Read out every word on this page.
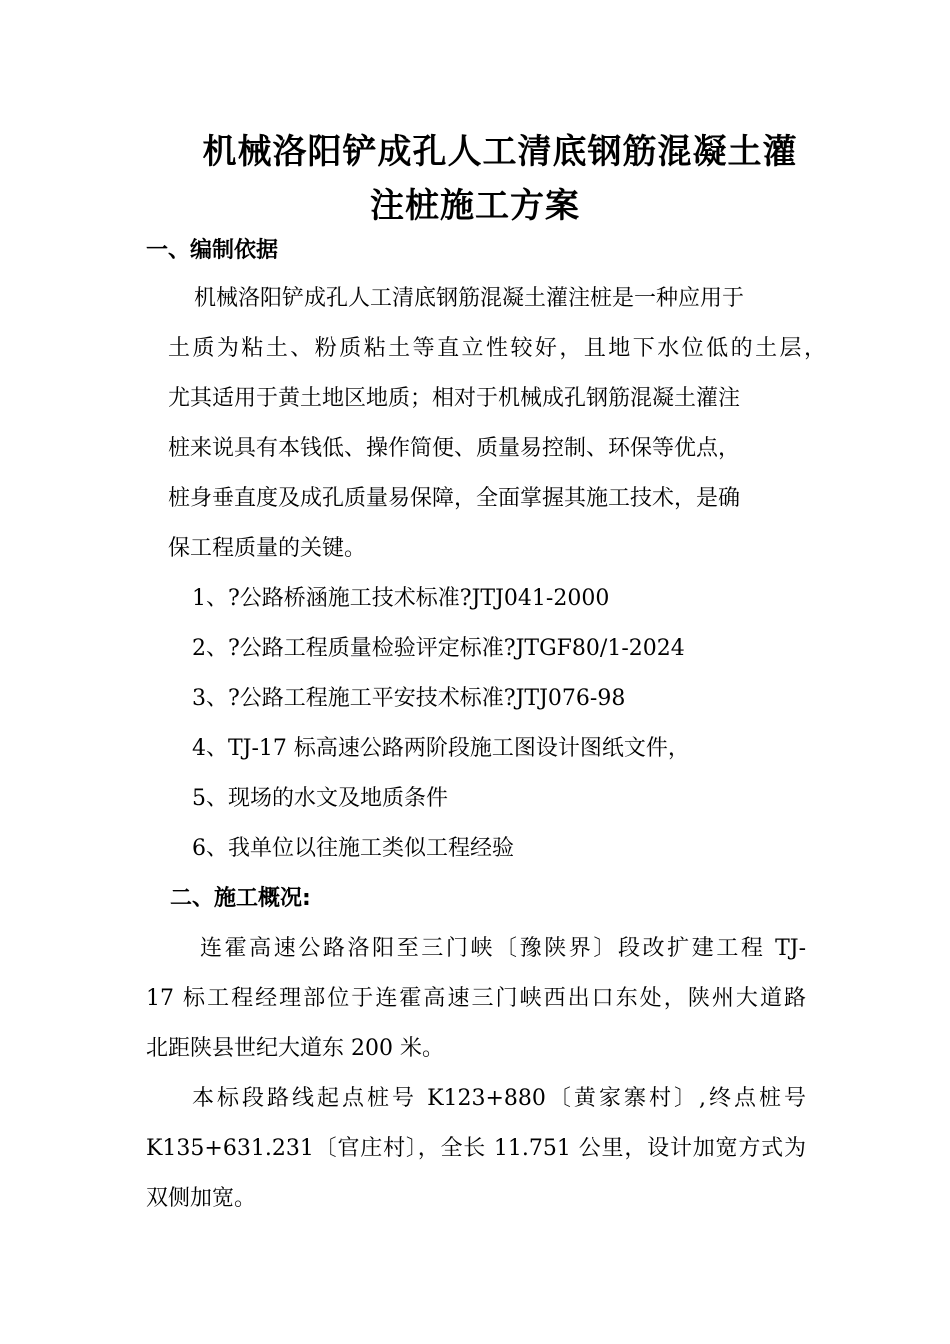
机械洛阳铲成孔人工清底钢筋混凝土灌
注桩施工方案
一、编制依据
机械洛阳铲成孔人工清底钢筋混凝土灌注桩是一种应用于
土质为粘土、粉质粘土等直立性较好，且地下水位低的土层，
尤其适用于黄土地区地质；相对于机械成孔钢筋混凝土灌注
桩来说具有本钱低、操作简便、质量易控制、环保等优点，
桩身垂直度及成孔质量易保障，全面掌握其施工技术，是确
保工程质量的关键。
1、?公路桥涵施工技术标准?JTJ041-2000
2、?公路工程质量检验评定标准?JTGF80/1-2024
3、?公路工程施工平安技术标准?JTJ076-98
4、TJ-17 标高速公路两阶段施工图设计图纸文件，
5、现场的水文及地质条件
6、我单位以往施工类似工程经验
二、施工概况:
连霍高速公路洛阳至三门峡〔豫陕界〕段改扩建工程 TJ-
17 标工程经理部位于连霍高速三门峡西出口东处，陕州大道路
北距陕县世纪大道东 200 米。
本标段路线起点桩号 K123+880〔黄家寨村〕,终点桩号
K135+631.231〔官庄村〕，全长 11.751 公里，设计加宽方式为
双侧加宽。
